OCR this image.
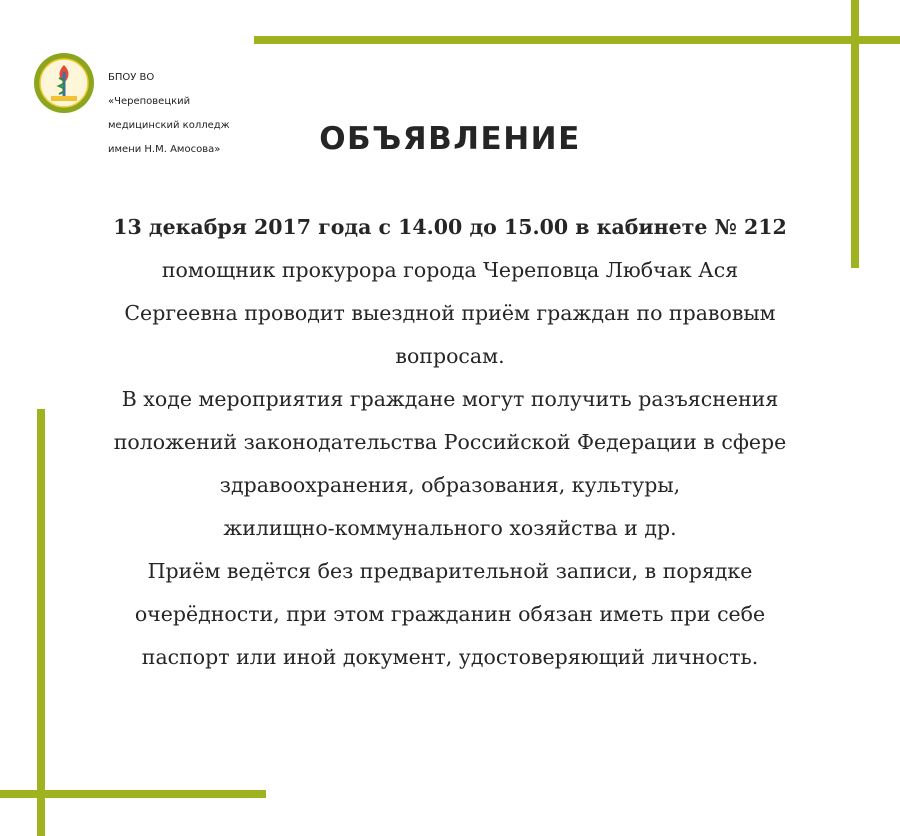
БПОУ ВО

«Череповецкий

медицинский колледж

имени Н.М. Амосова»	ОБЪЯВЛЕНИЕ
13 декабря 2017 года с 14.00 до 15.00 в кабинете № 212
помощник прокурора города Череповца Любчак Ася
Сергеевна проводит выездной приём граждан по правовым
вопросам.
В ходе мероприятия граждане могут получить разъяснения
положений законодательства Российской Федерации в сфере
здравоохранения, образования, культуры,
жилищно-коммунального хозяйства и др.
Приём ведётся без предварительной записи, в порядке
очерёдности, при этом гражданин обязан иметь при себе
паспорт или иной документ, удостоверяющий личность.
